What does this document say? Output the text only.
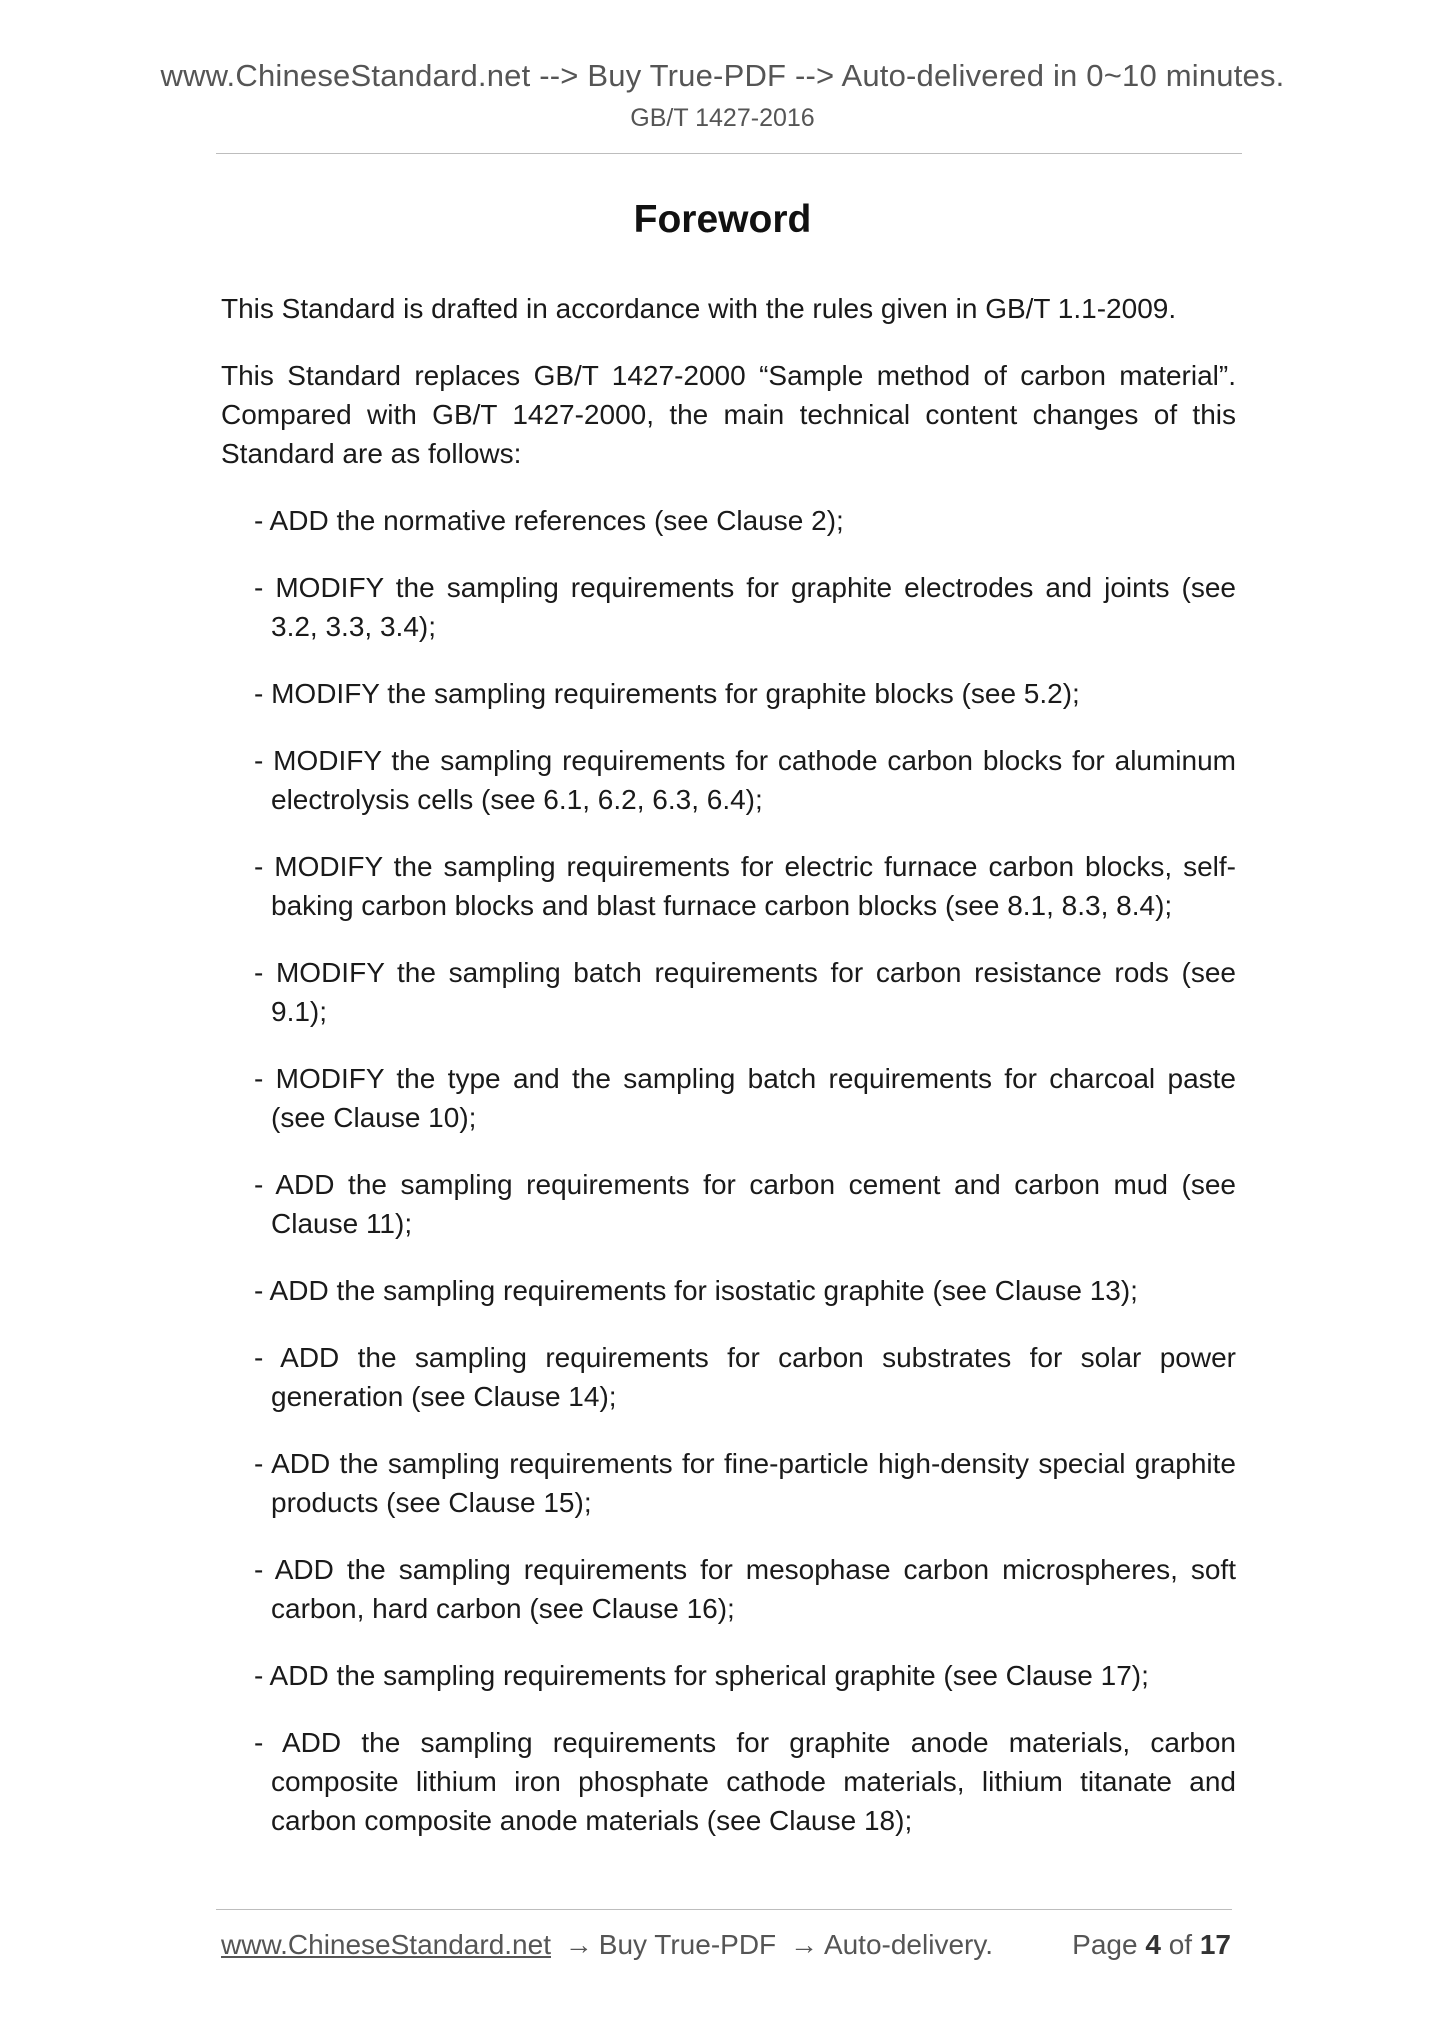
www.ChineseStandard.net --> Buy True-PDF --> Auto-delivered in 0~10 minutes.
GB/T 1427-2016
Foreword

This Standard is drafted in accordance with the rules given in GB/T 1.1-2009.

This Standard replaces GB/T 1427-2000 “Sample method of carbon material”. Compared with GB/T 1427-2000, the main technical content changes of this Standard are as follows:

- ADD the normative references (see Clause 2);
- MODIFY the sampling requirements for graphite electrodes and joints (see 3.2, 3.3, 3.4);
- MODIFY the sampling requirements for graphite blocks (see 5.2);
- MODIFY the sampling requirements for cathode carbon blocks for aluminum electrolysis cells (see 6.1, 6.2, 6.3, 6.4);
- MODIFY the sampling requirements for electric furnace carbon blocks, self-baking carbon blocks and blast furnace carbon blocks (see 8.1, 8.3, 8.4);
- MODIFY the sampling batch requirements for carbon resistance rods (see 9.1);
- MODIFY the type and the sampling batch requirements for charcoal paste (see Clause 10);
- ADD the sampling requirements for carbon cement and carbon mud (see Clause 11);
- ADD the sampling requirements for isostatic graphite (see Clause 13);
- ADD the sampling requirements for carbon substrates for solar power generation (see Clause 14);
- ADD the sampling requirements for fine-particle high-density special graphite products (see Clause 15);
- ADD the sampling requirements for mesophase carbon microspheres, soft carbon, hard carbon (see Clause 16);
- ADD the sampling requirements for spherical graphite (see Clause 17);
- ADD the sampling requirements for graphite anode materials, carbon composite lithium iron phosphate cathode materials, lithium titanate and carbon composite anode materials (see Clause 18);
www.ChineseStandard.net → Buy True-PDF → Auto-delivery.	Page 4 of 17
